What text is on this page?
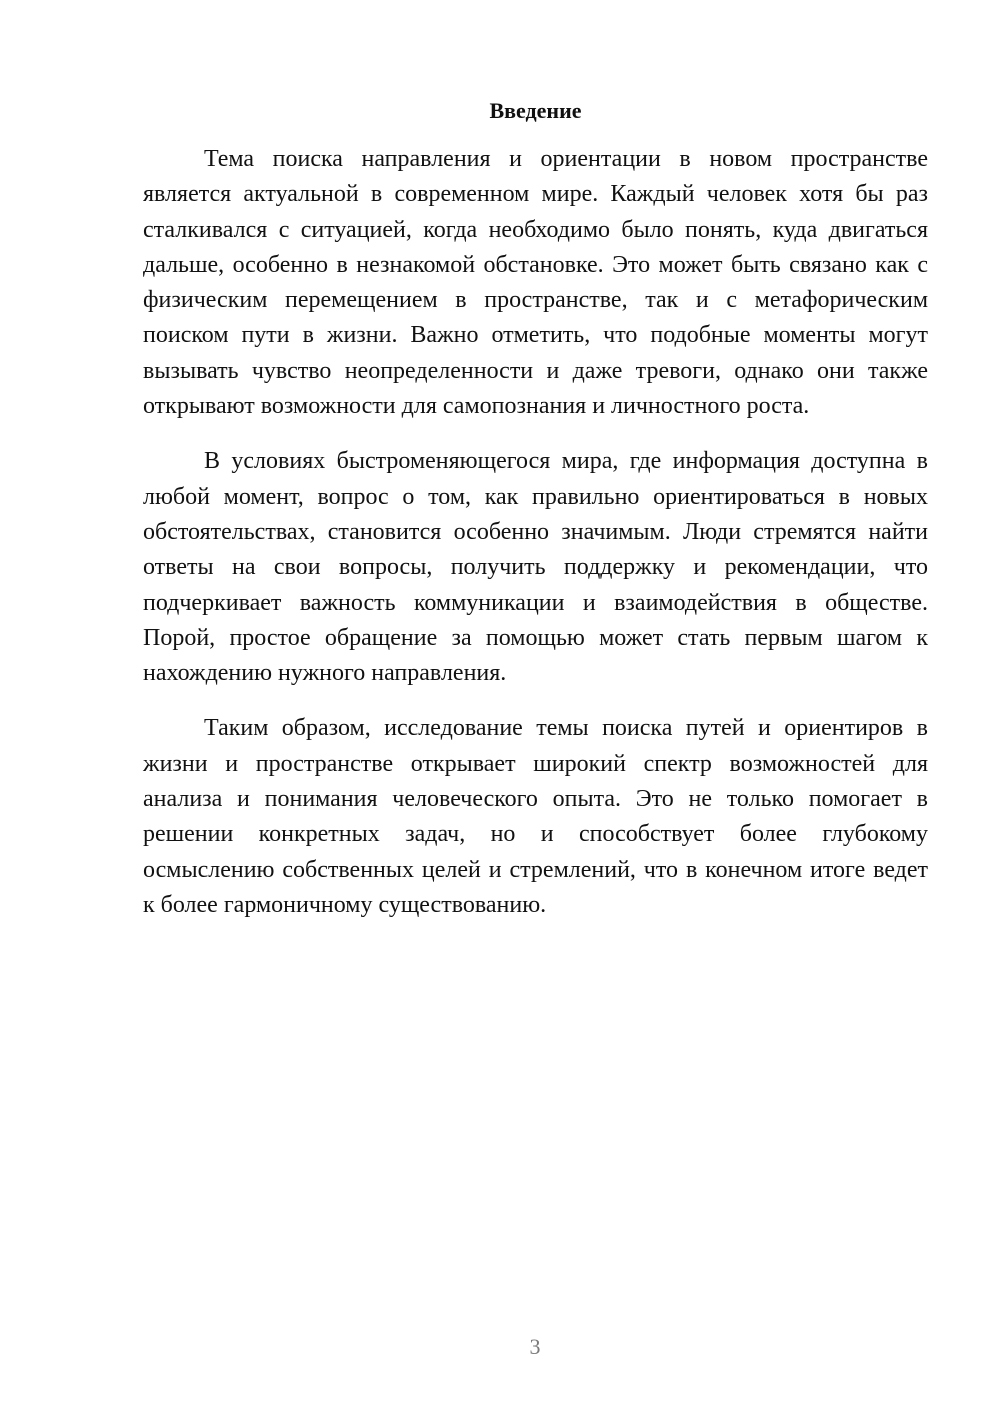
Введение

Тема поиска направления и ориентации в новом пространстве является актуальной в современном мире. Каждый человек хотя бы раз сталкивался с ситуацией, когда необходимо было понять, куда двигаться дальше, особенно в незнакомой обстановке. Это может быть связано как с физическим перемещением в пространстве, так и с метафорическим поиском пути в жизни. Важно отметить, что подобные моменты могут вызывать чувство неопределенности и даже тревоги, однако они также открывают возможности для самопознания и личностного роста.

В условиях быстроменяющегося мира, где информация доступна в любой момент, вопрос о том, как правильно ориентироваться в новых обстоятельствах, становится особенно значимым. Люди стремятся найти ответы на свои вопросы, получить поддержку и рекомендации, что подчеркивает важность коммуникации и взаимодействия в обществе. Порой, простое обращение за помощью может стать первым шагом к нахождению нужного направления.

Таким образом, исследование темы поиска путей и ориентиров в жизни и пространстве открывает широкий спектр возможностей для анализа и понимания человеческого опыта. Это не только помогает в решении конкретных задач, но и способствует более глубокому осмыслению собственных целей и стремлений, что в конечном итоге ведет к более гармоничному существованию.

3
